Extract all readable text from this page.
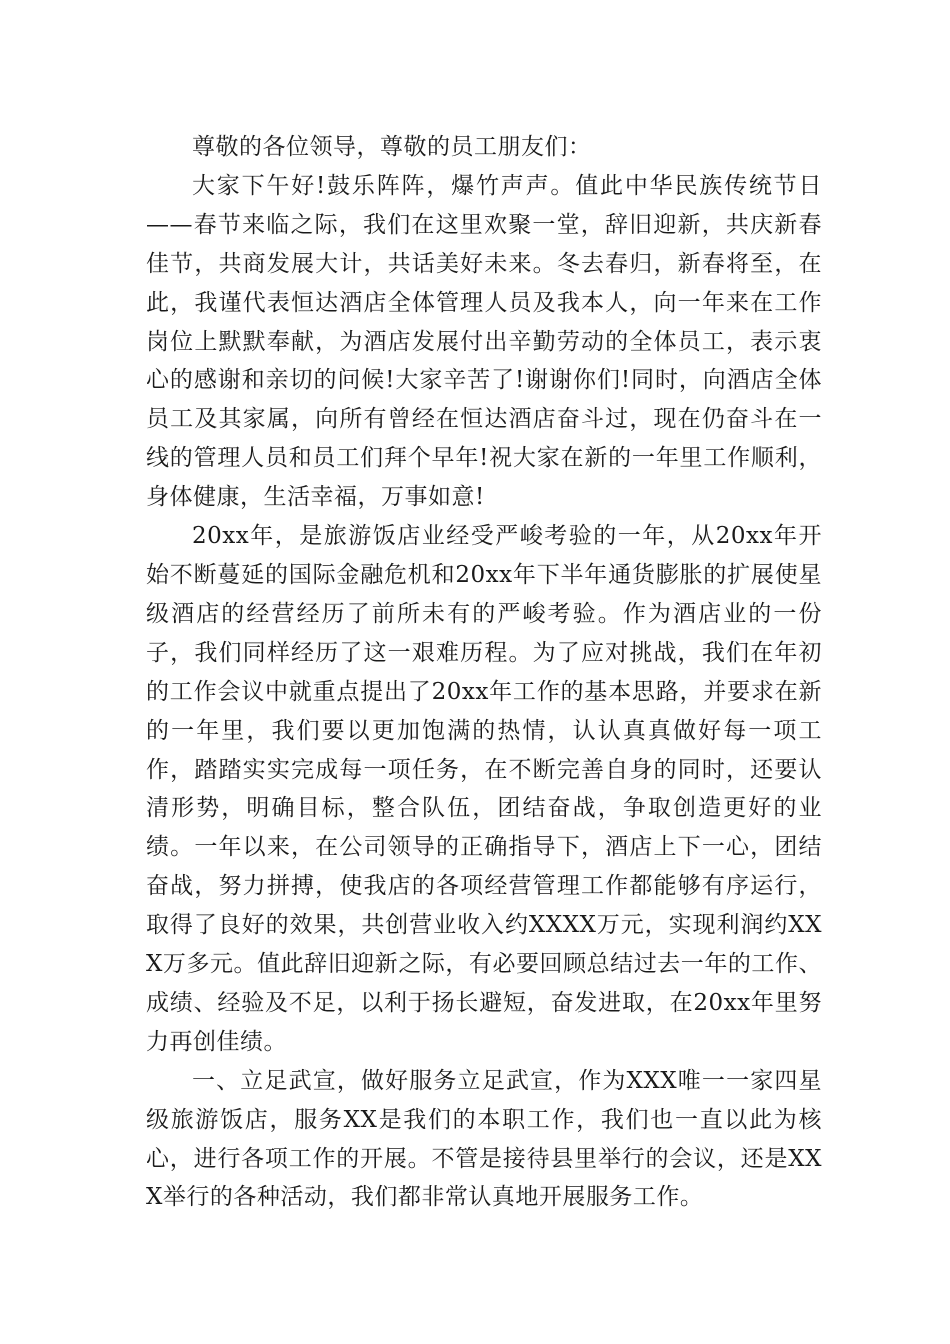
尊敬的各位领导，尊敬的员工朋友们：

大家下午好!鼓乐阵阵，爆竹声声。值此中华民族传统节日——春节来临之际，我们在这里欢聚一堂，辞旧迎新，共庆新春佳节，共商发展大计，共话美好未来。冬去春归，新春将至，在此，我谨代表恒达酒店全体管理人员及我本人，向一年来在工作岗位上默默奉献，为酒店发展付出辛勤劳动的全体员工，表示衷心的感谢和亲切的问候!大家辛苦了!谢谢你们!同时，向酒店全体员工及其家属，向所有曾经在恒达酒店奋斗过，现在仍奋斗在一线的管理人员和员工们拜个早年!祝大家在新的一年里工作顺利，身体健康，生活幸福，万事如意!

20xx年，是旅游饭店业经受严峻考验的一年，从20xx年开始不断蔓延的国际金融危机和20xx年下半年通货膨胀的扩展使星级酒店的经营经历了前所未有的严峻考验。作为酒店业的一份子，我们同样经历了这一艰难历程。为了应对挑战，我们在年初的工作会议中就重点提出了20xx年工作的基本思路，并要求在新的一年里，我们要以更加饱满的热情，认认真真做好每一项工作，踏踏实实完成每一项任务，在不断完善自身的同时，还要认清形势，明确目标，整合队伍，团结奋战，争取创造更好的业绩。一年以来，在公司领导的正确指导下，酒店上下一心，团结奋战，努力拼搏，使我店的各项经营管理工作都能够有序运行，取得了良好的效果，共创营业收入约XXXX万元，实现利润约XXX万多元。值此辞旧迎新之际，有必要回顾总结过去一年的工作、成绩、经验及不足，以利于扬长避短，奋发进取，在20xx年里努力再创佳绩。

一、立足武宣，做好服务立足武宣，作为XXX唯一一家四星级旅游饭店，服务XX是我们的本职工作，我们也一直以此为核心，进行各项工作的开展。不管是接待县里举行的会议，还是XXX举行的各种活动，我们都非常认真地开展服务工作。
